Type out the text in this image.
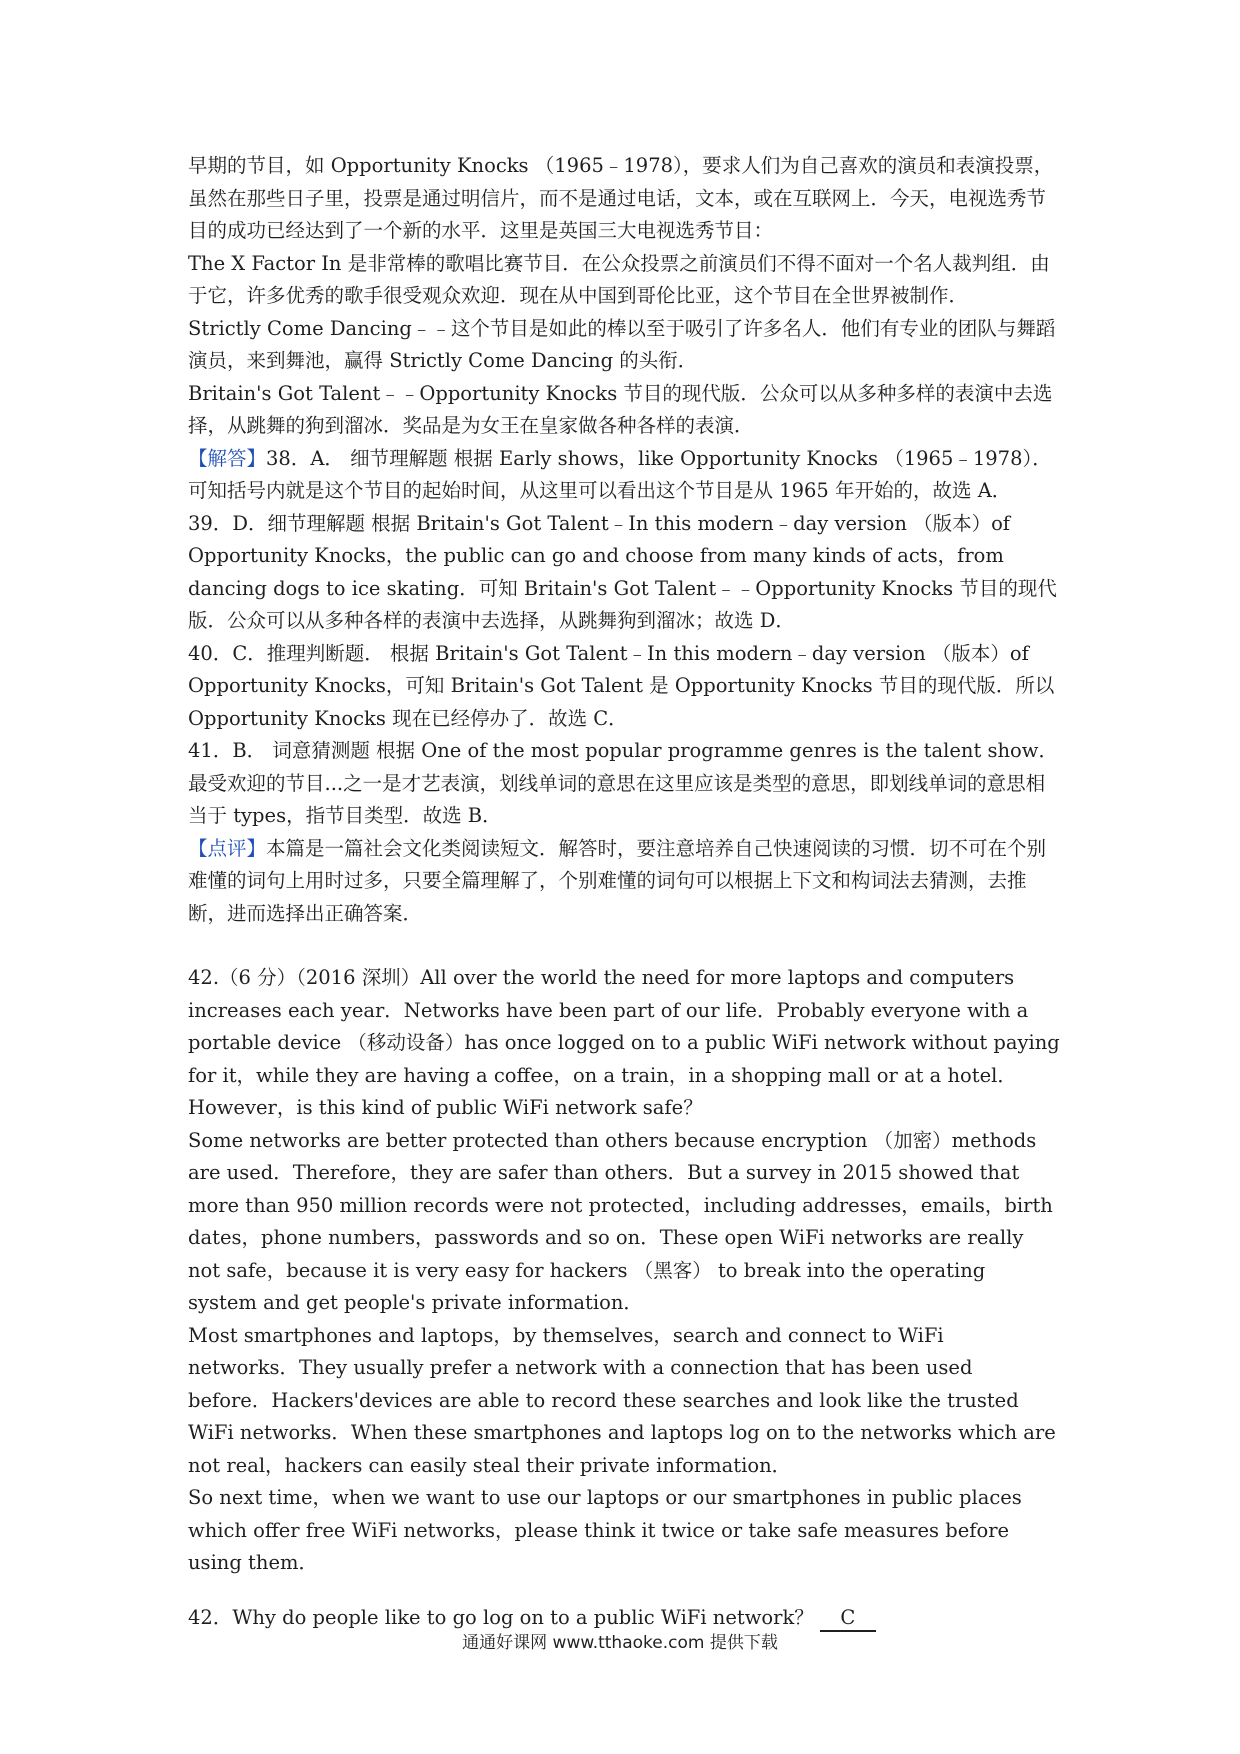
早期的节目，如 Opportunity Knocks （1965﹣1978），要求人们为自己喜欢的演员和表演投票，虽然在那些日子里，投票是通过明信片，而不是通过电话，文本，或在互联网上．今天，电视选秀节目的成功已经达到了一个新的水平．这里是英国三大电视选秀节目：

The X Factor In 是非常棒的歌唱比赛节目．在公众投票之前演员们不得不面对一个名人裁判组．由于它，许多优秀的歌手很受观众欢迎．现在从中国到哥伦比亚，这个节目在全世界被制作．

Strictly Come Dancing﹣﹣这个节目是如此的棒以至于吸引了许多名人．他们有专业的团队与舞蹈演员，来到舞池，赢得 Strictly Come Dancing 的头衔．

Britain's Got Talent﹣﹣Opportunity Knocks 节目的现代版．公众可以从多种多样的表演中去选择，从跳舞的狗到溜冰．奖品是为女王在皇家做各种各样的表演．

【解答】38．A． 细节理解题 根据 Early shows，like Opportunity Knocks （1965﹣1978）．可知括号内就是这个节目的起始时间，从这里可以看出这个节目是从 1965 年开始的，故选 A．

39．D．细节理解题 根据 Britain's Got Talent﹣In this modern﹣day version （版本）of Opportunity Knocks，the public can go and choose from many kinds of acts，from dancing dogs to ice skating．可知 Britain's Got Talent﹣﹣Opportunity Knocks 节目的现代版．公众可以从多种各样的表演中去选择，从跳舞狗到溜冰；故选 D．

40．C．推理判断题． 根据 Britain's Got Talent﹣In this modern﹣day version （版本）of Opportunity Knocks，可知 Britain's Got Talent 是 Opportunity Knocks 节目的现代版．所以 Opportunity Knocks 现在已经停办了．故选 C．

41．B． 词意猜测题 根据 One of the most popular programme genres is the talent show．最受欢迎的节目...之一是才艺表演，划线单词的意思在这里应该是类型的意思，即划线单词的意思相当于 types，指节目类型．故选 B．

【点评】本篇是一篇社会文化类阅读短文．解答时，要注意培养自己快速阅读的习惯．切不可在个别难懂的词句上用时过多，只要全篇理解了，个别难懂的词句可以根据上下文和构词法去猜测，去推断，进而选择出正确答案．

42.（6 分）（2016 深圳）All over the world the need for more laptops and computers increases each year．Networks have been part of our life．Probably everyone with a portable device （移动设备）has once logged on to a public WiFi network without paying for it，while they are having a coffee，on a train，in a shopping mall or at a hotel．However，is this kind of public WiFi network safe？

Some networks are better protected than others because encryption （加密）methods are used．Therefore，they are safer than others．But a survey in 2015 showed that more than 950 million records were not protected，including addresses，emails，birth dates，phone numbers，passwords and so on．These open WiFi networks are really not safe，because it is very easy for hackers （黑客） to break into the operating system and get people's private information．

Most smartphones and laptops，by themselves，search and connect to WiFi networks．They usually prefer a network with a connection that has been used before．Hackers'devices are able to record these searches and look like the trusted WiFi networks．When these smartphones and laptops log on to the networks which are not real，hackers can easily steal their private information．

So next time，when we want to use our laptops or our smartphones in public places which offer free WiFi networks，please think it twice or take safe measures before using them．

42．Why do people like to go log on to a public WiFi network？ C

通通好课网 www.tthaoke.com 提供下载
